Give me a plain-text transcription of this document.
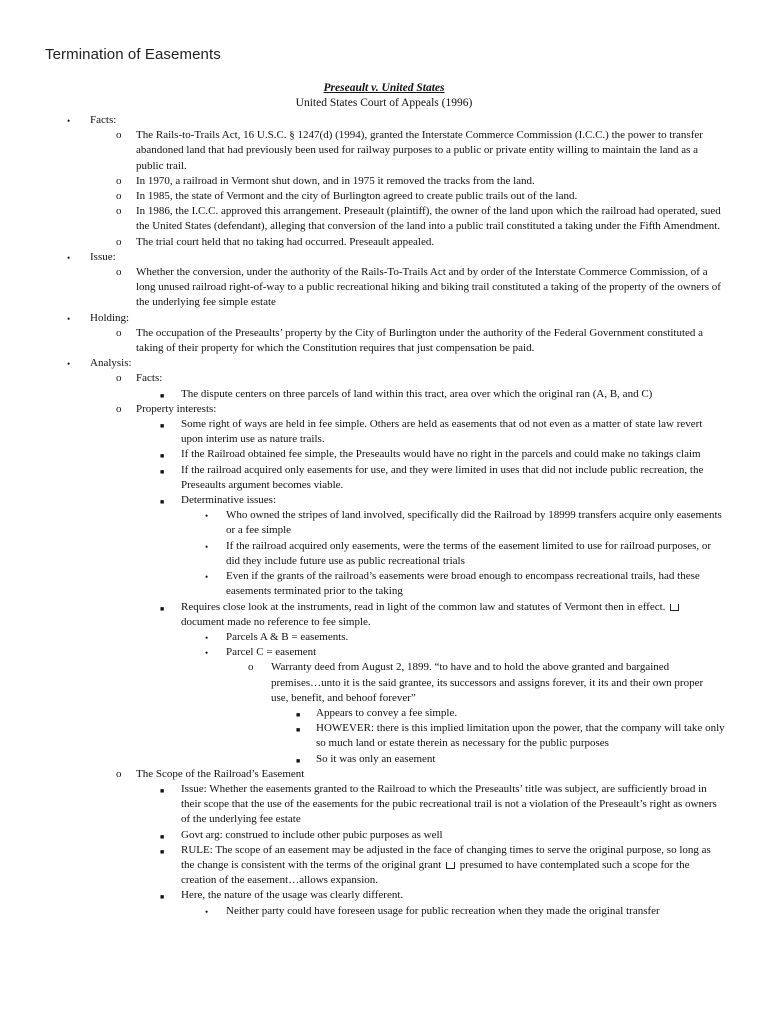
Termination of Easements
Preseault v. United States
United States Court of Appeals (1996)
• Facts:
o The Rails-to-Trails Act, 16 U.S.C. § 1247(d) (1994), granted the Interstate Commerce Commission (I.C.C.) the power to transfer abandoned land that had previously been used for railway purposes to a public or private entity willing to maintain the land as a public trail.
o In 1970, a railroad in Vermont shut down, and in 1975 it removed the tracks from the land.
o In 1985, the state of Vermont and the city of Burlington agreed to create public trails out of the land.
o In 1986, the I.C.C. approved this arrangement. Preseault (plaintiff), the owner of the land upon which the railroad had operated, sued the United States (defendant), alleging that conversion of the land into a public trail constituted a taking under the Fifth Amendment.
o The trial court held that no taking had occurred. Preseault appealed.
• Issue:
o Whether the conversion, under the authority of the Rails-To-Trails Act and by order of the Interstate Commerce Commission, of a long unused railroad right-of-way to a public recreational hiking and biking trail constituted a taking of the property of the owners of the underlying fee simple estate
• Holding:
o The occupation of the Preseaults’ property by the City of Burlington under the authority of the Federal Government constituted a taking of their property for which the Constitution requires that just compensation be paid.
• Analysis:
o Facts:
■ The dispute centers on three parcels of land within this tract, area over which the original ran (A, B, and C)
o Property interests:
■ Some right of ways are held in fee simple. Others are held as easements that od not even as a matter of state law revert upon interim use as nature trails.
■ If the Railroad obtained fee simple, the Preseaults would have no right in the parcels and could make no takings claim
■ If the railroad acquired only easements for use, and they were limited in uses that did not include public recreation, the Preseaults argument becomes viable.
■ Determinative issues:
• Who owned the stripes of land involved, specifically did the Railroad by 18999 transfers acquire only easements or a fee simple
• If the railroad acquired only easements, were the terms of the easement limited to use for railroad purposes, or did they include future use as public recreational trials
• Even if the grants of the railroad’s easements were broad enough to encompass recreational trails, had these easements terminated prior to the taking
■ Requires close look at the instruments, read in light of the common law and statutes of Vermont then in effect.  document made no reference to fee simple.
• Parcels A & B = easements.
• Parcel C = easement
o Warranty deed from August 2, 1899. “to have and to hold the above granted and bargained premises…unto it is the said grantee, its successors and assigns forever, it its and their own proper use, benefit, and behoof forever”
■ Appears to convey a fee simple.
■ HOWEVER: there is this implied limitation upon the power, that the company will take only so much land or estate therein as necessary for the public purposes
■ So it was only an easement
o The Scope of the Railroad’s Easement
■ Issue: Whether the easements granted to the Railroad to which the Preseaults’ title was subject, are sufficiently broad in their scope that the use of the easements for the pubic recreational trail is not a violation of the Preseault’s right as owners of the underlying fee estate
■ Govt arg: construed to include other pubic purposes as well
■ RULE: The scope of an easement may be adjusted in the face of changing times to serve the original purpose, so long as the change is consistent with the terms of the original grant presumed to have contemplated such a scope for the creation of the easement…allows expansion.
■ Here, the nature of the usage was clearly different.
• Neither party could have foreseen usage for public recreation when they made the original transfer
